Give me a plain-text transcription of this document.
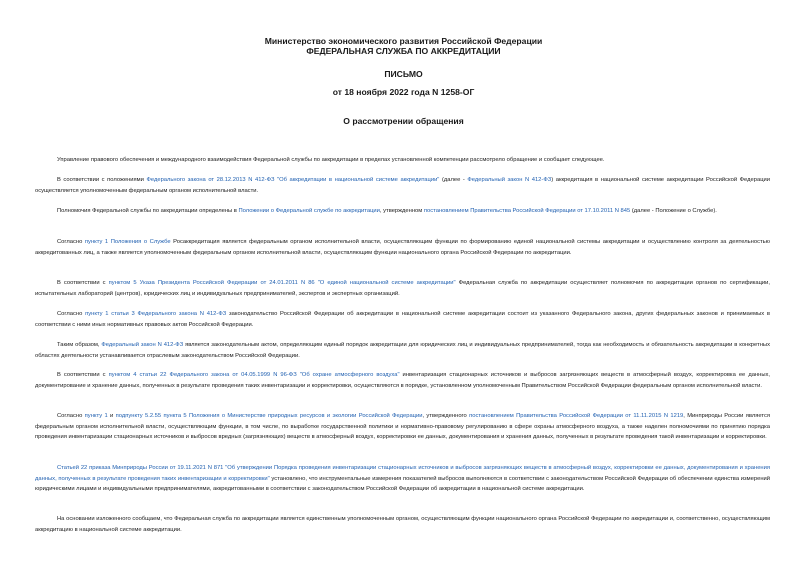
Министерство экономического развития Российской Федерации
ФЕДЕРАЛЬНАЯ СЛУЖБА ПО АККРЕДИТАЦИИ
ПИСЬМО
от 18 ноября 2022 года N 1258-ОГ
О рассмотрении обращения

Управление правового обеспечения и международного взаимодействия Федеральной службы по аккредитации в пределах установленной компетенции рассмотрело обращение и сообщает следующее.

В соответствии с положениями Федерального закона от 28.12.2013 N 412-ФЗ "Об аккредитации в национальной системе аккредитации" (далее - Федеральный закон N 412-ФЗ) аккредитация в национальной системе аккредитации Российской Федерации осуществляется уполномоченным федеральным органом исполнительной власти.

Полномочия Федеральной службы по аккредитации определены в Положении о Федеральной службе по аккредитации, утвержденном постановлением Правительства Российской Федерации от 17.10.2011 N 845 (далее - Положение о Службе).

Согласно пункту 1 Положения о Службе Росаккредитация является федеральным органом исполнительной власти, осуществляющим функции по формированию единой национальной системы аккредитации и осуществлению контроля за деятельностью аккредитованных лиц, а также является уполномоченным федеральным органом исполнительной власти, осуществляющим функции национального органа Российской Федерации по аккредитации.

В соответствии с пунктом 5 Указа Президента Российской Федерации от 24.01.2011 N 86 "О единой национальной системе аккредитации" Федеральная служба по аккредитации осуществляет полномочия по аккредитации органов по сертификации, испытательных лабораторий (центров), юридических лиц и индивидуальных предпринимателей, экспертов и экспертных организаций.

Согласно пункту 1 статьи 3 Федерального закона N 412-ФЗ законодательство Российской Федерации об аккредитации в национальной системе аккредитации состоит из указанного Федерального закона, других федеральных законов и принимаемых в соответствии с ними иных нормативных правовых актов Российской Федерации.

Таким образом, Федеральный закон N 412-ФЗ является законодательным актом, определяющим единый порядок аккредитации для юридических лиц и индивидуальных предпринимателей, тогда как необходимость и обязательность аккредитации в конкретных областях деятельности устанавливается отраслевым законодательством Российской Федерации.

В соответствии с пунктом 4 статьи 22 Федерального закона от 04.05.1999 N 96-ФЗ "Об охране атмосферного воздуха" инвентаризация стационарных источников и выбросов загрязняющих веществ в атмосферный воздух, корректировка ее данных, документирование и хранение данных, полученных в результате проведения таких инвентаризации и корректировки, осуществляются в порядке, установленном уполномоченным Правительством Российской Федерации федеральным органом исполнительной власти.

Согласно пункту 1 и подпункту 5.2.55 пункта 5 Положения о Министерстве природных ресурсов и экологии Российской Федерации, утвержденного постановлением Правительства Российской Федерации от 11.11.2015 N 1219, Минприроды России является федеральным органом исполнительной власти, осуществляющим функции, в том числе, по выработке государственной политики и нормативно-правовому регулированию в сфере охраны атмосферного воздуха, а также наделен полномочиями по принятию порядка проведения инвентаризации стационарных источников и выбросов вредных (загрязняющих) веществ в атмосферный воздух, корректировки ее данных, документирования и хранения данных, полученных в результате проведения такой инвентаризации и корректировки.

Статьей 22 приказа Минприроды России от 19.11.2021 N 871 "Об утверждении Порядка проведения инвентаризации стационарных источников и выбросов загрязняющих веществ в атмосферный воздух, корректировки ее данных, документирования и хранения данных, полученных в результате проведения таких инвентаризации и корректировки" установлено, что инструментальные измерения показателей выбросов выполняются в соответствии с законодательством Российской Федерации об обеспечении единства измерений юридическими лицами и индивидуальными предпринимателями, аккредитованными в соответствии с законодательством Российской Федерации об аккредитации в национальной системе аккредитации.

На основании изложенного сообщаем, что Федеральная служба по аккредитации является единственным уполномоченным органом, осуществляющим функции национального органа Российской Федерации по аккредитации и, соответственно, осуществляющим аккредитацию в национальной системе аккредитации.
